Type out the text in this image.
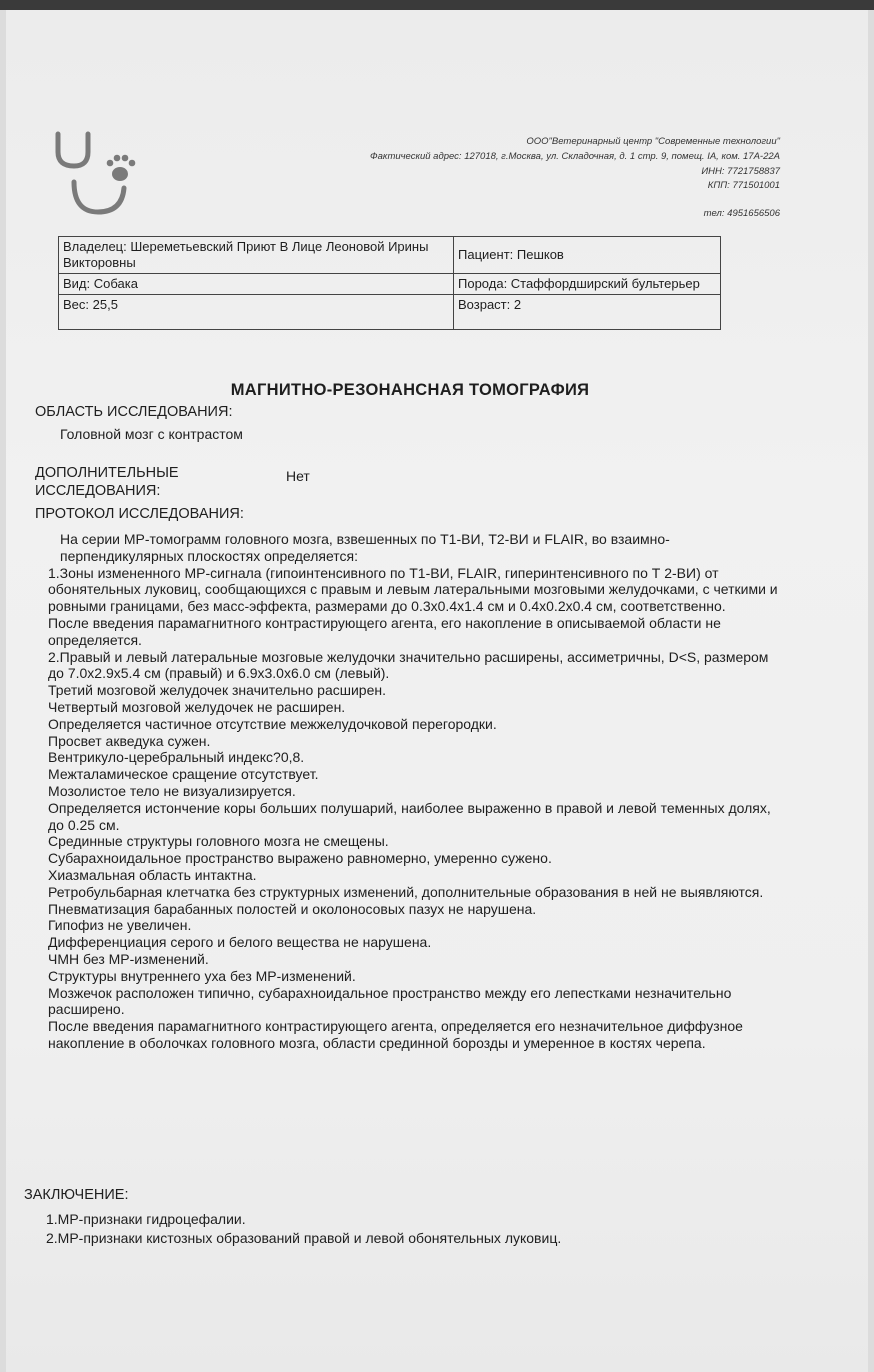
ООО"Ветеринарный центр "Современные технологии"
Фактический адрес: 127018, г.Москва, ул. Складочная, д. 1 стр. 9, помещ. IА, ком. 17А-22А
ИНН: 7721758837
КПП: 771501001
тел: 4951656506
Владелец: Шереметьевский Приют В Лице Леоновой Ирины Викторовны	Пациент: Пешков
Вид: Собака	Порода: Стаффордширский бультерьер
Вес: 25,5	Возраст: 2
МАГНИТНО-РЕЗОНАНСНАЯ ТОМОГРАФИЯ
ОБЛАСТЬ ИССЛЕДОВАНИЯ:
Головной мозг с контрастом
ДОПОЛНИТЕЛЬНЫЕ ИССЛЕДОВАНИЯ:
Нет
ПРОТОКОЛ ИССЛЕДОВАНИЯ:
На серии МР-томограмм головного мозга, взвешенных по Т1-ВИ, Т2-ВИ и FLAIR, во взаимно-перпендикулярных плоскостях определяется:
1.Зоны измененного МР-сигнала (гипоинтенсивного по Т1-ВИ, FLAIR, гиперинтенсивного по Т 2-ВИ) от обонятельных луковиц, сообщающихся с правым и левым латеральными мозговыми желудочками, с четкими и ровными границами, без масс-эффекта, размерами до 0.3х0.4х1.4 см и 0.4х0.2х0.4 см, соответственно.
После введения парамагнитного контрастирующего агента, его накопление в описываемой области не определяется.
2.Правый и левый латеральные мозговые желудочки значительно расширены, ассиметричны, D<S, размером до 7.0х2.9х5.4 см (правый) и 6.9х3.0х6.0 см (левый).
Третий мозговой желудочек значительно расширен.
Четвертый мозговой желудочек не расширен.
Определяется частичное отсутствие межжелудочковой перегородки.
Просвет акведука сужен.
Вентрикуло-церебральный индекс?0,8.
Межталамическое сращение отсутствует.
Мозолистое тело не визуализируется.
Определяется истончение коры больших полушарий, наиболее выраженно в правой и левой теменных долях, до 0.25 см.
Срединные структуры головного мозга не смещены.
Субарахноидальное пространство выражено равномерно, умеренно сужено.
Хиазмальная область интактна.
Ретробульбарная клетчатка без структурных изменений, дополнительные образования в ней не выявляются.
Пневматизация барабанных полостей и околоносовых пазух не нарушена.
Гипофиз не увеличен.
Дифференциация серого и белого вещества не нарушена.
ЧМН без МР-изменений.
Структуры внутреннего уха без МР-изменений.
Мозжечок расположен типично, субарахноидальное пространство между его лепестками незначительно расширено.
После введения парамагнитного контрастирующего агента, определяется его незначительное диффузное накопление в оболочках головного мозга, области срединной борозды и умеренное в костях черепа.
ЗАКЛЮЧЕНИЕ:
1.МР-признаки гидроцефалии.
2.МР-признаки кистозных образований правой и левой обонятельных луковиц.
